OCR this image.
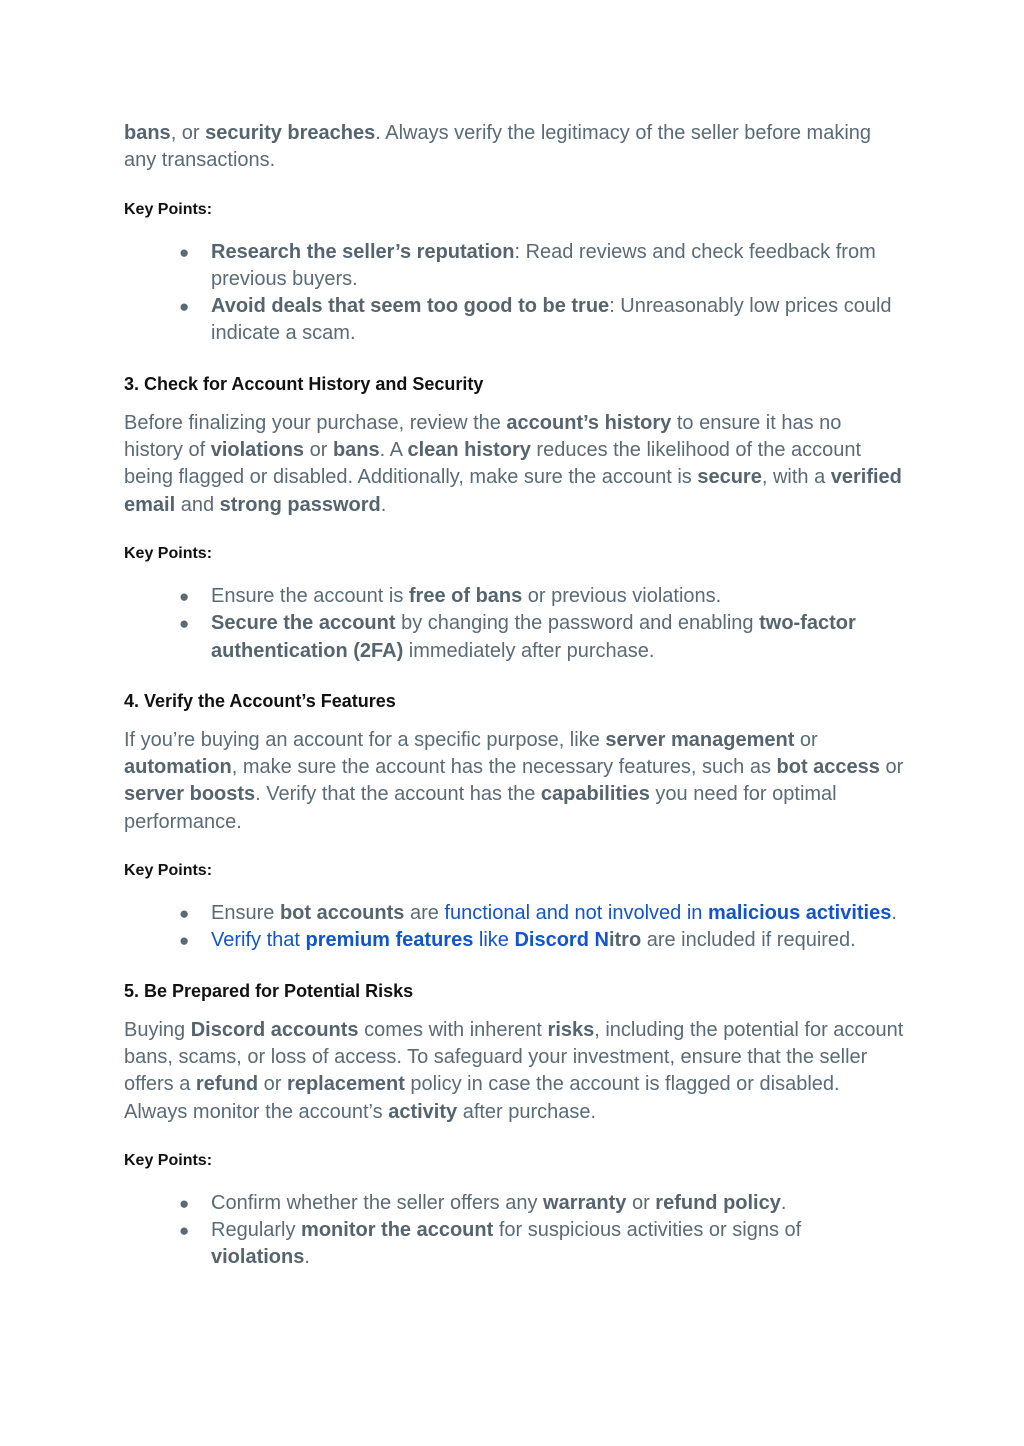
bans, or security breaches. Always verify the legitimacy of the seller before making any transactions.

Key Points:

● Research the seller’s reputation: Read reviews and check feedback from previous buyers.
● Avoid deals that seem too good to be true: Unreasonably low prices could indicate a scam.
3. Check for Account History and Security

Before finalizing your purchase, review the account’s history to ensure it has no history of violations or bans. A clean history reduces the likelihood of the account being flagged or disabled. Additionally, make sure the account is secure, with a verified email and strong password.

Key Points:

● Ensure the account is free of bans or previous violations.
● Secure the account by changing the password and enabling two-factor authentication (2FA) immediately after purchase.
4. Verify the Account’s Features

If you’re buying an account for a specific purpose, like server management or automation, make sure the account has the necessary features, such as bot access or server boosts. Verify that the account has the capabilities you need for optimal performance.

Key Points:

● Ensure bot accounts are functional and not involved in malicious activities.
● Verify that premium features like Discord Nitro are included if required.
5. Be Prepared for Potential Risks

Buying Discord accounts comes with inherent risks, including the potential for account bans, scams, or loss of access. To safeguard your investment, ensure that the seller offers a refund or replacement policy in case the account is flagged or disabled. Always monitor the account’s activity after purchase.

Key Points:

● Confirm whether the seller offers any warranty or refund policy.
● Regularly monitor the account for suspicious activities or signs of violations.
